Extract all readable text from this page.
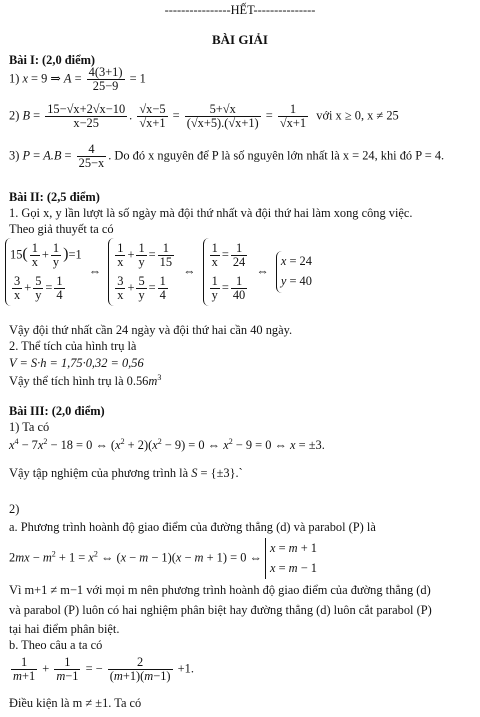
----------------HẾT---------------
BÀI GIẢI
Bài I: (2,0 điểm)
1) x = 9 ⇒ $A = \frac{4(3+1)}{25-9} = 1$
2) $B = \frac{15-√x+2√x-10}{x-25}$ . $\frac{√x-5}{√x+1} = \frac{5+√x}{(√x+5).(√x+1)} = \frac{1}{√x+1}$ với x ≥ 0, x ≠ 25
3) $P = A.B = \frac{4}{25-x}$ . Do đó x nguyên để P là số nguyên lớn nhất là x = 24, khi đó P = 4.
Bài II: (2,5 điểm)
1. Gọi x, y lần lượt là số ngày mà đội thứ nhất và đội thứ hai làm xong công việc.
Theo giả thuyết ta có
$15( \frac{1}{x} + \frac{1}{y} )=1$
$\frac{3}{x} + \frac{5}{y} = \frac{1}{4}$
⇔
$\frac{1}{x} + \frac{1}{y} = \frac{1}{15}$
$\frac{3}{x} + \frac{5}{y} = \frac{1}{4}$
⇔
$\frac{1}{x} = \frac{1}{24}$
$\frac{1}{y} = \frac{1}{40}$
⇔
x = 24
y = 40
Vậy đội thứ nhất cần 24 ngày và đội thứ hai cần 40 ngày.
2. Thể tích của hình trụ là
V = S·h = 1,75·0,32 = 0,56
Vậy thể tích hình trụ là $0.56m^3$
Bài III: (2,0 điểm)
1) Ta có
$x^4 - 7x^2 - 18 = 0$ ⇔ $(x^2 + 2)(x^2 - 9) = 0$ ⇔ $x^2 - 9 = 0$ ⇔ x = ±3.
Vậy tập nghiệm của phương trình là S = {±3}.`
2)
a. Phương trình hoành độ giao điểm của đường thẳng (d) và parabol (P) là
$2mx - m^2 + 1 = x^2$ ⇔ (x − m − 1)(x − m + 1) = 0 ⇔
x = m + 1
x = m − 1
Vì m+1 ≠ m−1 với mọi m nên phương trình hoành độ giao điểm của đường thẳng (d)
và parabol (P) luôn có hai nghiệm phân biệt hay đường thẳng (d) luôn cắt parabol (P)
tại hai điểm phân biệt.
b. Theo câu a ta có
$\frac{1}{m+1} + \frac{1}{m-1}$ = − $\frac{2}{(m+1)(m-1)} +1$.
Điều kiện là m ≠ ±1. Ta có
